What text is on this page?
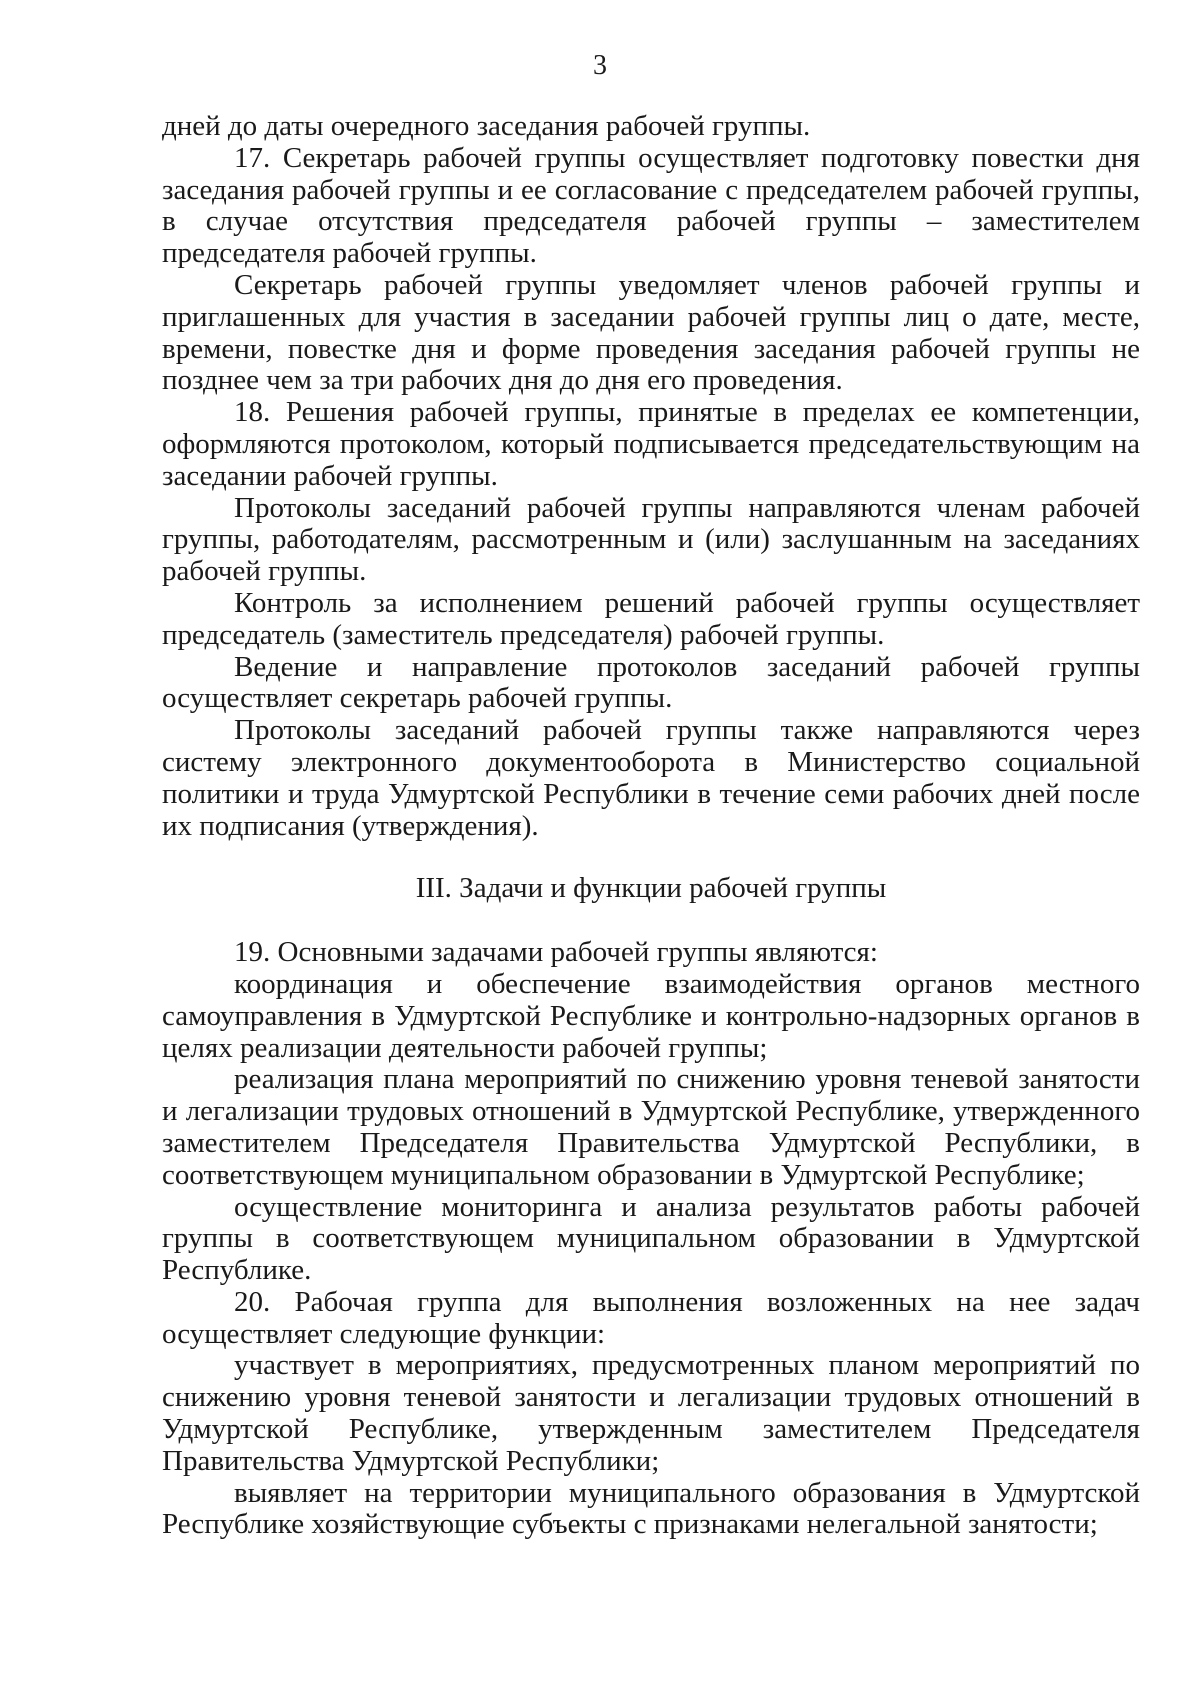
3

дней до даты очередного заседания рабочей группы.

17. Секретарь рабочей группы осуществляет подготовку повестки дня заседания рабочей группы и ее согласование с председателем рабочей группы, в случае отсутствия председателя рабочей группы – заместителем председателя рабочей группы.

Секретарь рабочей группы уведомляет членов рабочей группы и приглашенных для участия в заседании рабочей группы лиц о дате, месте, времени, повестке дня и форме проведения заседания рабочей группы не позднее чем за три рабочих дня до дня его проведения.

18. Решения рабочей группы, принятые в пределах ее компетенции, оформляются протоколом, который подписывается председательствующим на заседании рабочей группы.

Протоколы заседаний рабочей группы направляются членам рабочей группы, работодателям, рассмотренным и (или) заслушанным на заседаниях рабочей группы.

Контроль за исполнением решений рабочей группы осуществляет председатель (заместитель председателя) рабочей группы.

Ведение и направление протоколов заседаний рабочей группы осуществляет секретарь рабочей группы.

Протоколы заседаний рабочей группы также направляются через систему электронного документооборота в Министерство социальной политики и труда Удмуртской Республики в течение семи рабочих дней после их подписания (утверждения).

III. Задачи и функции рабочей группы

19. Основными задачами рабочей группы являются:

координация и обеспечение взаимодействия органов местного самоуправления в Удмуртской Республике и контрольно-надзорных органов в целях реализации деятельности рабочей группы;

реализация плана мероприятий по снижению уровня теневой занятости и легализации трудовых отношений в Удмуртской Республике, утвержденного заместителем Председателя Правительства Удмуртской Республики, в соответствующем муниципальном образовании в Удмуртской Республике;

осуществление мониторинга и анализа результатов работы рабочей группы в соответствующем муниципальном образовании в Удмуртской Республике.

20. Рабочая группа для выполнения возложенных на нее задач осуществляет следующие функции:

участвует в мероприятиях, предусмотренных планом мероприятий по снижению уровня теневой занятости и легализации трудовых отношений в Удмуртской Республике, утвержденным заместителем Председателя Правительства Удмуртской Республики;

выявляет на территории муниципального образования в Удмуртской Республике хозяйствующие субъекты с признаками нелегальной занятости;
